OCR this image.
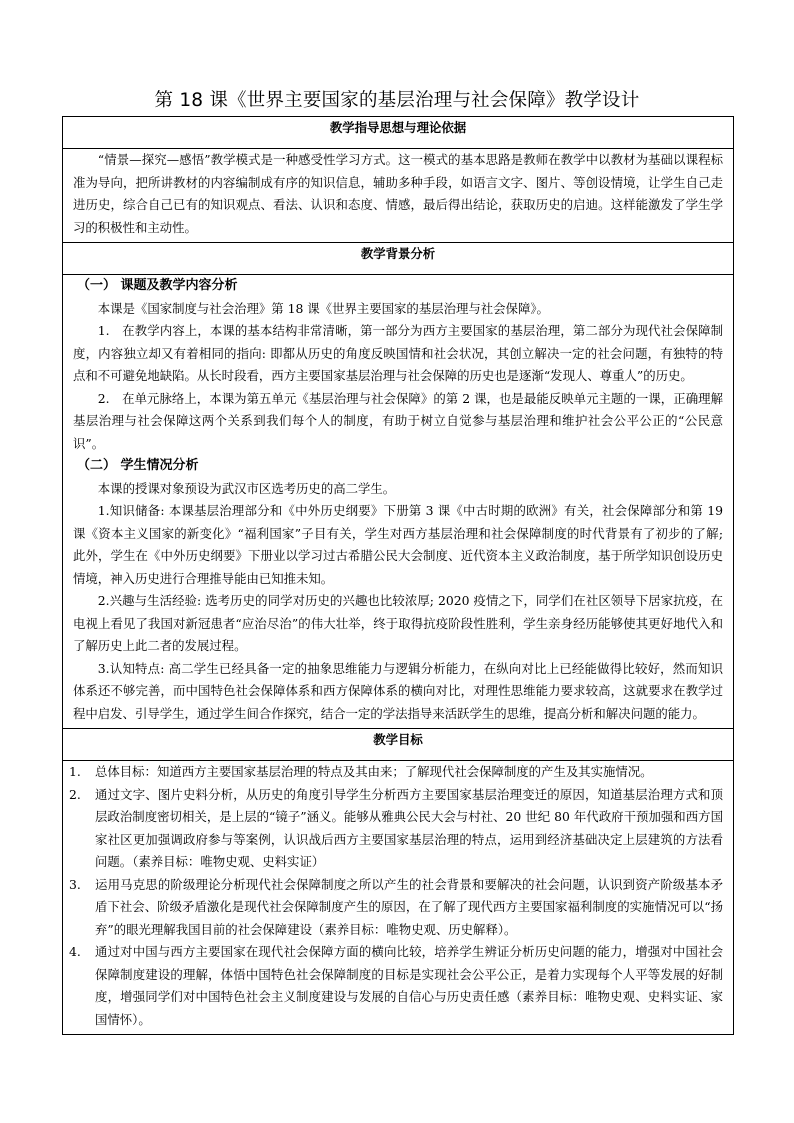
第 18 课《世界主要国家的基层治理与社会保障》教学设计
教学指导思想与理论依据

“情景—探究—感悟”教学模式是一种感受性学习方式。这一模式的基本思路是教师在教学中以教材为基础以课程标准为导向，把所讲教材的内容编制成有序的知识信息，辅助多种手段，如语言文字、图片、等创设情境，让学生自己走进历史，综合自己已有的知识观点、看法、认识和态度、情感，最后得出结论，获取历史的启迪。这样能激发了学生学习的积极性和主动性。

教学背景分析

（一） 课题及教学内容分析

本课是《国家制度与社会治理》第 18 课《世界主要国家的基层治理与社会保障》。

1.　在教学内容上，本课的基本结构非常清晰，第一部分为西方主要国家的基层治理，第二部分为现代社会保障制度，内容独立却又有着相同的指向: 即都从历史的角度反映国情和社会状况，其创立解决一定的社会问题，有独特的特点和不可避免地缺陷。从长时段看，西方主要国家基层治理与社会保障的历史也是逐渐“发现人、尊重人”的历史。

2.　在单元脉络上，本课为第五单元《基层治理与社会保障》的第 2 课，也是最能反映单元主题的一课，正确理解基层治理与社会保障这两个关系到我们每个人的制度，有助于树立自觉参与基层治理和维护社会公平公正的“公民意识”。

（二） 学生情况分析

本课的授课对象预设为武汉市区选考历史的高二学生。

1.知识储备: 本课基层治理部分和《中外历史纲要》下册第 3 课《中古时期的欧洲》有关，社会保障部分和第 19 课《资本主义国家的新变化》“福利国家”子目有关，学生对西方基层治理和社会保障制度的时代背景有了初步的了解; 此外，学生在《中外历史纲要》下册业以学习过古希腊公民大会制度、近代资本主义政治制度，基于所学知识创设历史情境，神入历史进行合理推导能由已知推未知。

2.兴趣与生活经验: 选考历史的同学对历史的兴趣也比较浓厚; 2020 疫情之下，同学们在社区领导下居家抗疫，在电视上看见了我国对新冠患者“应治尽治”的伟大壮举，终于取得抗疫阶段性胜利，学生亲身经历能够使其更好地代入和了解历史上此二者的发展过程。

3.认知特点: 高二学生已经具备一定的抽象思维能力与逻辑分析能力，在纵向对比上已经能做得比较好，然而知识体系还不够完善，而中国特色社会保障体系和西方保障体系的横向对比，对理性思维能力要求较高，这就要求在教学过程中启发、引导学生，通过学生间合作探究，结合一定的学法指导来活跃学生的思维，提高分析和解决问题的能力。

教学目标

1.	总体目标：知道西方主要国家基层治理的特点及其由来；了解现代社会保障制度的产生及其实施情况。
2.	通过文字、图片史料分析，从历史的角度引导学生分析西方主要国家基层治理变迁的原因，知道基层治理方式和顶层政治制度密切相关，是上层的“镜子”涵义。能够从雅典公民大会与村社、20 世纪 80 年代政府干预加强和西方国家社区更加强调政府参与等案例，认识战后西方主要国家基层治理的特点，运用到经济基础决定上层建筑的方法看问题。（素养目标：唯物史观、史料实证）
3.	运用马克思的阶级理论分析现代社会保障制度之所以产生的社会背景和要解决的社会问题，认识到资产阶级基本矛盾下社会、阶级矛盾激化是现代社会保障制度产生的原因，在了解了现代西方主要国家福利制度的实施情况可以“扬弃”的眼光理解我国目前的社会保障建设（素养目标：唯物史观、历史解释）。
4.	通过对中国与西方主要国家在现代社会保障方面的横向比较，培养学生辨证分析历史问题的能力，增强对中国社会保障制度建设的理解，体悟中国特色社会保障制度的目标是实现社会公平公正，是着力实现每个人平等发展的好制度，增强同学们对中国特色社会主义制度建设与发展的自信心与历史责任感（素养目标：唯物史观、史料实证、家国情怀）。
